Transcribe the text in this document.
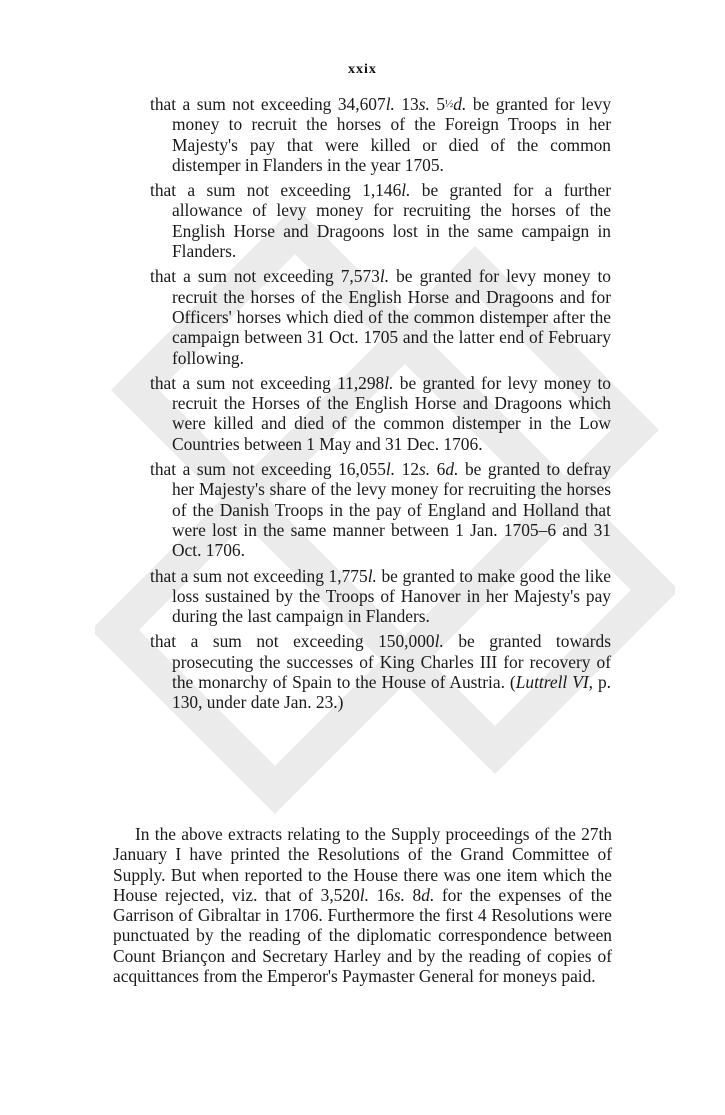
xxix
that a sum not exceeding 34,607l. 13s. 5½d. be granted for levy money to recruit the horses of the Foreign Troops in her Majesty's pay that were killed or died of the common distemper in Flanders in the year 1705.
that a sum not exceeding 1,146l. be granted for a further allowance of levy money for recruiting the horses of the English Horse and Dragoons lost in the same campaign in Flanders.
that a sum not exceeding 7,573l. be granted for levy money to recruit the horses of the English Horse and Dragoons and for Officers' horses which died of the common distemper after the campaign between 31 Oct. 1705 and the latter end of February following.
that a sum not exceeding 11,298l. be granted for levy money to recruit the Horses of the English Horse and Dragoons which were killed and died of the common distemper in the Low Countries between 1 May and 31 Dec. 1706.
that a sum not exceeding 16,055l. 12s. 6d. be granted to defray her Majesty's share of the levy money for recruiting the horses of the Danish Troops in the pay of England and Holland that were lost in the same manner between 1 Jan. 1705–6 and 31 Oct. 1706.
that a sum not exceeding 1,775l. be granted to make good the like loss sustained by the Troops of Hanover in her Majesty's pay during the last campaign in Flanders.
that a sum not exceeding 150,000l. be granted towards prosecuting the successes of King Charles III for recovery of the monarchy of Spain to the House of Austria. (Luttrell VI, p. 130, under date Jan. 23.)

In the above extracts relating to the Supply proceedings of the 27th January I have printed the Resolutions of the Grand Committee of Supply. But when reported to the House there was one item which the House rejected, viz. that of 3,520l. 16s. 8d. for the expenses of the Garrison of Gibraltar in 1706. Furthermore the first 4 Resolutions were punctuated by the reading of the diplomatic correspondence between Count Briançon and Secretary Harley and by the reading of copies of acquittances from the Emperor's Paymaster General for moneys paid.
